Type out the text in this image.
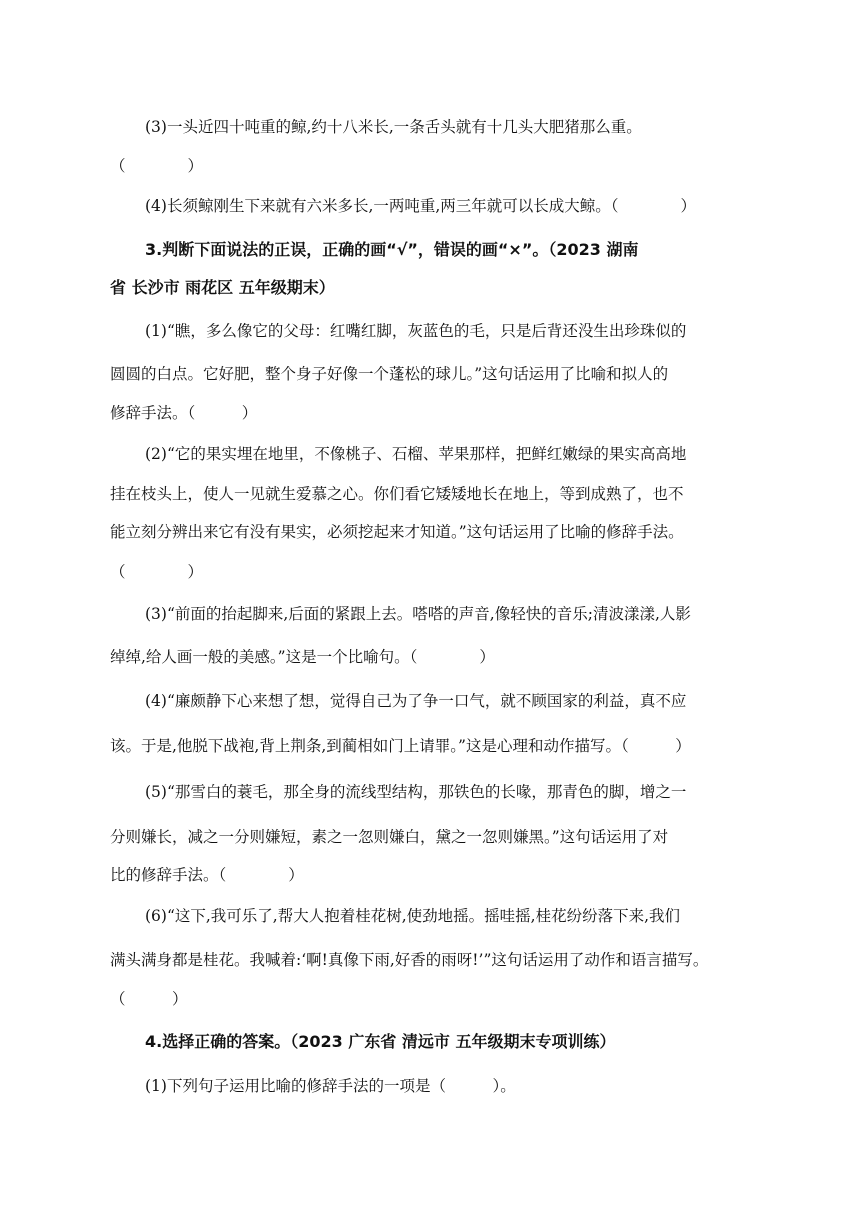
(3)一头近四十吨重的鲸,约十八米长,一条舌头就有十几头大肥猪那么重。
（　　　　）
(4)长须鲸刚生下来就有六米多长,一两吨重,两三年就可以长成大鲸。（　　　　）
3.判断下面说法的正误，正确的画“√”，错误的画“×”。（2023 湖南
省 长沙市 雨花区 五年级期末）
(1)“瞧，多么像它的父母：红嘴红脚，灰蓝色的毛，只是后背还没生出珍珠似的
圆圆的白点。它好肥，整个身子好像一个蓬松的球儿。”这句话运用了比喻和拟人的
修辞手法。（　　　）
(2)“它的果实埋在地里，不像桃子、石榴、苹果那样，把鲜红嫩绿的果实高高地
挂在枝头上，使人一见就生爱慕之心。你们看它矮矮地长在地上，等到成熟了，也不
能立刻分辨出来它有没有果实，必须挖起来才知道。”这句话运用了比喻的修辞手法。
（　　　　）
(3)“前面的抬起脚来,后面的紧跟上去。嗒嗒的声音,像轻快的音乐;清波漾漾,人影
绰绰,给人画一般的美感。”这是一个比喻句。（　　　　）
(4)“廉颇静下心来想了想，觉得自己为了争一口气，就不顾国家的利益，真不应
该。于是,他脱下战袍,背上荆条,到蔺相如门上请罪。”这是心理和动作描写。（　　　）
(5)“那雪白的蓑毛，那全身的流线型结构，那铁色的长喙，那青色的脚，增之一
分则嫌长，减之一分则嫌短，素之一忽则嫌白，黛之一忽则嫌黑。”这句话运用了对
比的修辞手法。（　　　　）
(6)“这下,我可乐了,帮大人抱着桂花树,使劲地摇。摇哇摇,桂花纷纷落下来,我们
满头满身都是桂花。我喊着:‘啊!真像下雨,好香的雨呀!’”这句话运用了动作和语言描写。
（　　　）
4.选择正确的答案。（2023 广东省 清远市 五年级期末专项训练）
(1)下列句子运用比喻的修辞手法的一项是（　　　）。
